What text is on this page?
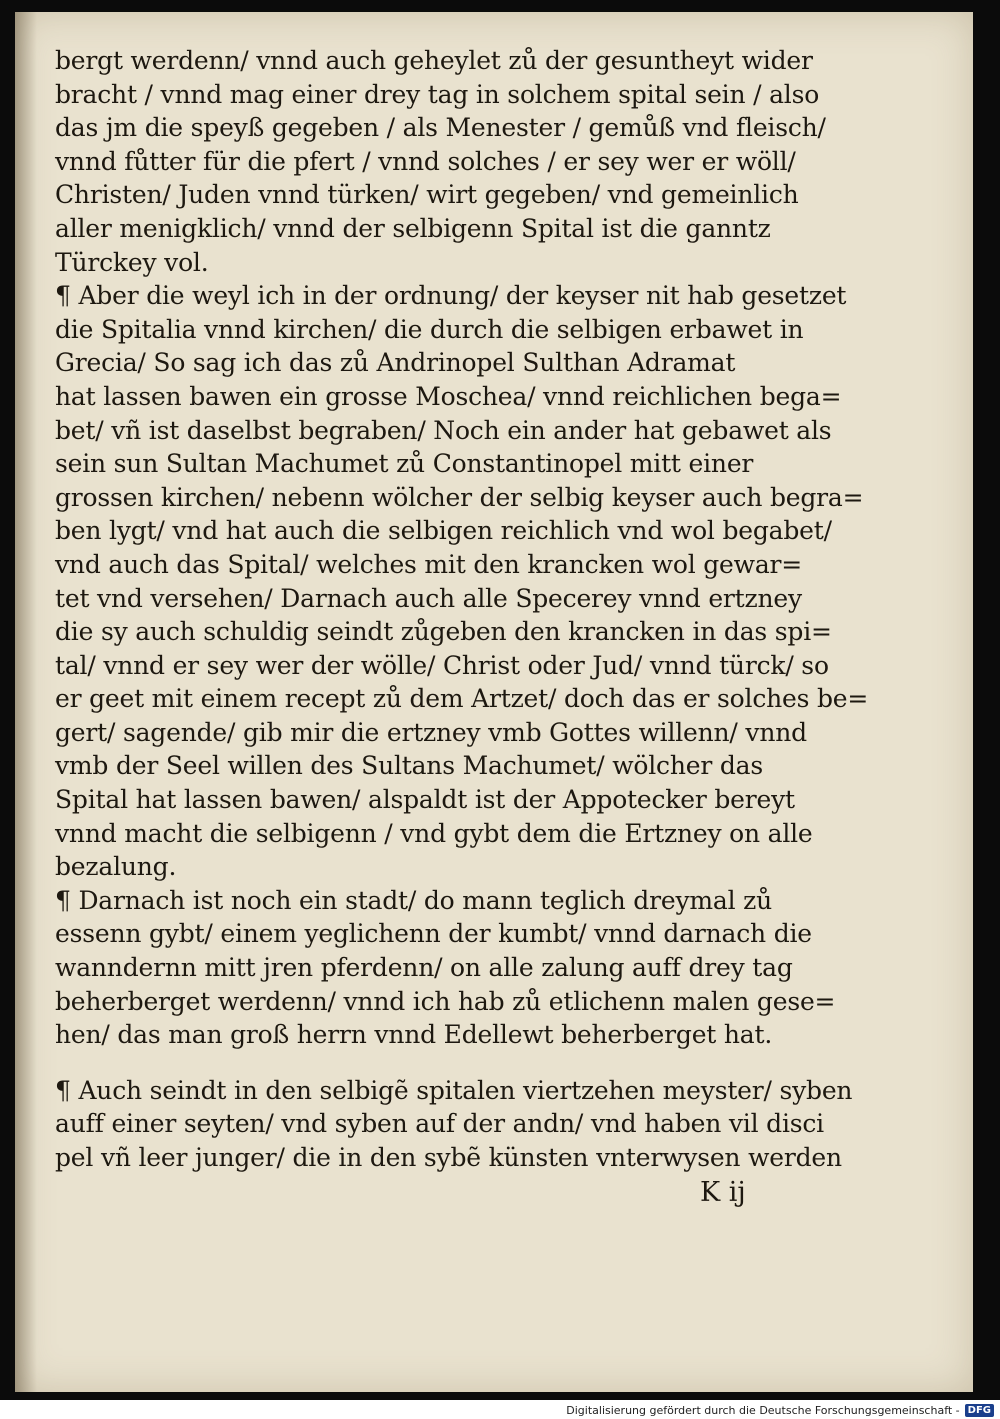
bergt werdenn/ vnnd auch geheylet zů der gesuntheyt wider
bracht / vnnd mag einer drey tag in solchem spital sein / also
das jm die speyß gegeben / als Menester / gemůß vnd fleisch/
vnnd fůtter für die pfert / vnnd solches / er sey wer er wöll/
Christen/ Juden vnnd türken/ wirt gegeben/ vnd gemeinlich
aller menigklich/ vnnd der selbigenn Spital ist die ganntz
Türckey vol.
¶ Aber die weyl ich in der ordnung/ der keyser nit hab gesetzet
die Spitalia vnnd kirchen/ die durch die selbigen erbawet in
Grecia/ So sag ich das zů Andrinopel Sulthan Adramat
hat lassen bawen ein grosse Moschea/ vnnd reichlichen bega=
bet/ vñ ist daselbst begraben/ Noch ein ander hat gebawet als
sein sun Sultan Machumet zů Constantinopel mitt einer
grossen kirchen/ nebenn wölcher der selbig keyser auch begra=
ben lygt/ vnd hat auch die selbigen reichlich vnd wol begabet/
vnd auch das Spital/ welches mit den krancken wol gewar=
tet vnd versehen/ Darnach auch alle Specerey vnnd ertzney
die sy auch schuldig seindt zůgeben den krancken in das spi=
tal/ vnnd er sey wer der wölle/ Christ oder Jud/ vnnd türck/ so
er geet mit einem recept zů dem Artzet/ doch das er solches be=
gert/ sagende/ gib mir die ertzney vmb Gottes willenn/ vnnd
vmb der Seel willen des Sultans Machumet/ wölcher das
Spital hat lassen bawen/ alspaldt ist der Appotecker bereyt
vnnd macht die selbigenn / vnd gybt dem die Ertzney on alle
bezalung.
¶ Darnach ist noch ein stadt/ do mann teglich dreymal zů
essenn gybt/ einem yeglichenn der kumbt/ vnnd darnach die
wanndernn mitt jren pferdenn/ on alle zalung auff drey tag
beherberget werdenn/ vnnd ich hab zů etlichenn malen gese=
hen/ das man groß herrn vnnd Edellewt beherberget hat.
¶ Auch seindt in den selbigẽ spitalen viertzehen meyster/ syben
auff einer seyten/ vnd syben auf der andn/ vnd haben vil disci
pel vñ leer junger/ die in den sybẽ künsten vnterwysen werden
K ij
Digitalisierung gefördert durch die Deutsche Forschungsgemeinschaft - DFG
